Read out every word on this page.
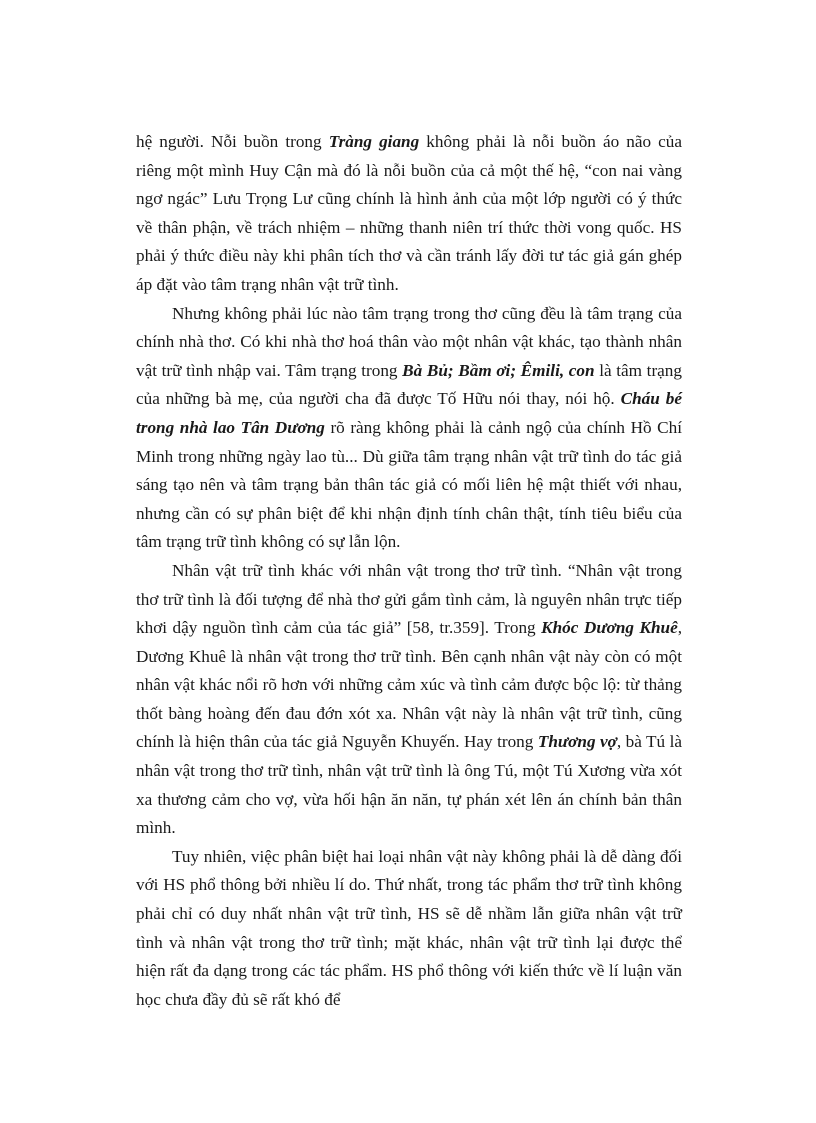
hệ người. Nỗi buồn trong Tràng giang không phải là nỗi buồn áo não của riêng một mình Huy Cận mà đó là nỗi buồn của cả một thế hệ, “con nai vàng ngơ ngác” Lưu Trọng Lư cũng chính là hình ảnh của một lớp người có ý thức về thân phận, về trách nhiệm – những thanh niên trí thức thời vong quốc. HS phải ý thức điều này khi phân tích thơ và cần tránh lấy đời tư tác giả gán ghép áp đặt vào tâm trạng nhân vật trữ tình.

Nhưng không phải lúc nào tâm trạng trong thơ cũng đều là tâm trạng của chính nhà thơ. Có khi nhà thơ hoá thân vào một nhân vật khác, tạo thành nhân vật trữ tình nhập vai. Tâm trạng trong Bà Bủ; Bầm ơi; Êmili, con là tâm trạng của những bà mẹ, của người cha đã được Tố Hữu nói thay, nói hộ. Cháu bé trong nhà lao Tân Dương rõ ràng không phải là cảnh ngộ của chính Hồ Chí Minh trong những ngày lao tù... Dù giữa tâm trạng nhân vật trữ tình do tác giả sáng tạo nên và tâm trạng bản thân tác giả có mối liên hệ mật thiết với nhau, nhưng cần có sự phân biệt để khi nhận định tính chân thật, tính tiêu biểu của tâm trạng trữ tình không có sự lẫn lộn.

Nhân vật trữ tình khác với nhân vật trong thơ trữ tình. “Nhân vật trong thơ trữ tình là đối tượng để nhà thơ gửi gắm tình cảm, là nguyên nhân trực tiếp khơi dậy nguồn tình cảm của tác giả” [58, tr.359]. Trong Khóc Dương Khuê, Dương Khuê là nhân vật trong thơ trữ tình. Bên cạnh nhân vật này còn có một nhân vật khác nổi rõ hơn với những cảm xúc và tình cảm được bộc lộ: từ thảng thốt bàng hoàng đến đau đớn xót xa. Nhân vật này là nhân vật trữ tình, cũng chính là hiện thân của tác giả Nguyễn Khuyến. Hay trong Thương vợ, bà Tú là nhân vật trong thơ trữ tình, nhân vật trữ tình là ông Tú, một Tú Xương vừa xót xa thương cảm cho vợ, vừa hối hận ăn năn, tự phán xét lên án chính bản thân mình.

Tuy nhiên, việc phân biệt hai loại nhân vật này không phải là dễ dàng đối với HS phổ thông bởi nhiều lí do. Thứ nhất, trong tác phẩm thơ trữ tình không phải chỉ có duy nhất nhân vật trữ tình, HS sẽ dễ nhầm lẫn giữa nhân vật trữ tình và nhân vật trong thơ trữ tình; mặt khác, nhân vật trữ tình lại được thể hiện rất đa dạng trong các tác phẩm. HS phổ thông với kiến thức về lí luận văn học chưa đầy đủ sẽ rất khó để
